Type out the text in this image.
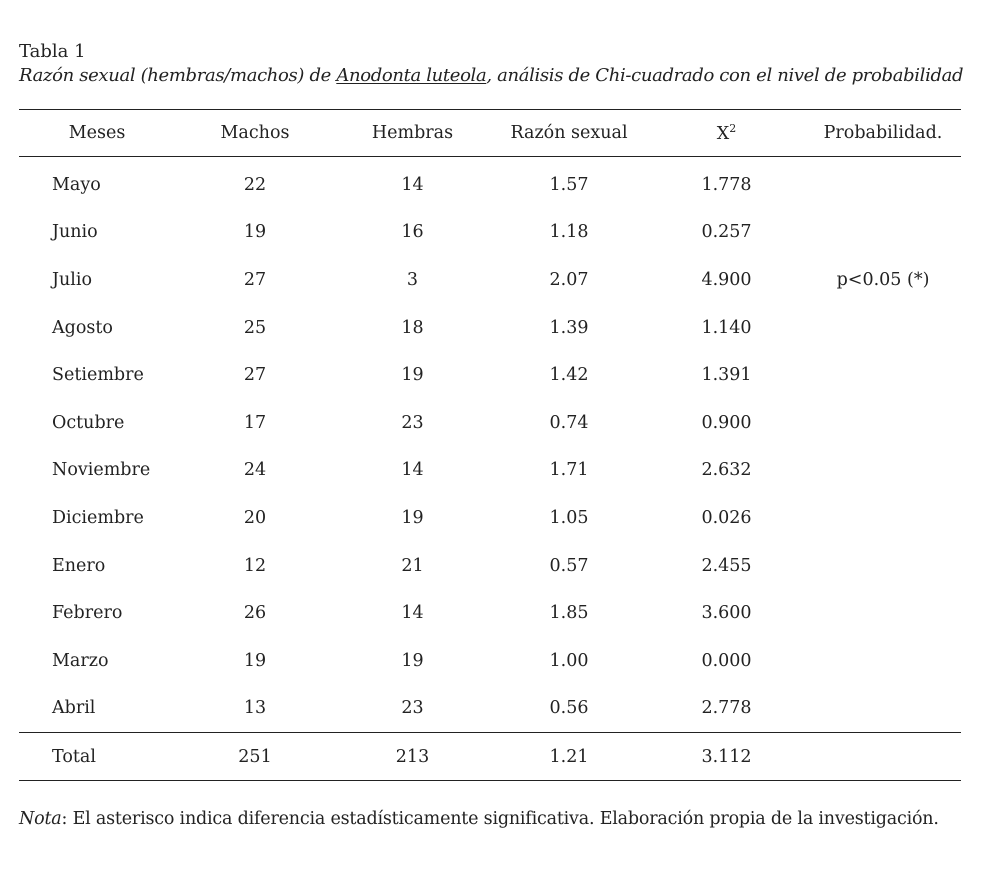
Tabla 1

Razón sexual (hembras/machos) de Anodonta luteola, análisis de Chi-cuadrado con el nivel de probabilidad

Meses	Machos	Hembras	Razón sexual	$X^2$	Probabilidad.
Mayo	22	14	1.57	1.778	
Junio	19	16	1.18	0.257	
Julio	27	3	2.07	4.900	p<0.05 (*)
Agosto	25	18	1.39	1.140	
Setiembre	27	19	1.42	1.391	
Octubre	17	23	0.74	0.900	
Noviembre	24	14	1.71	2.632	
Diciembre	20	19	1.05	0.026	
Enero	12	21	0.57	2.455	
Febrero	26	14	1.85	3.600	
Marzo	19	19	1.00	0.000	
Abril	13	23	0.56	2.778	
Total	251	213	1.21	3.112	
Nota: El asterisco indica diferencia estadísticamente significativa. Elaboración propia de la investigación.
